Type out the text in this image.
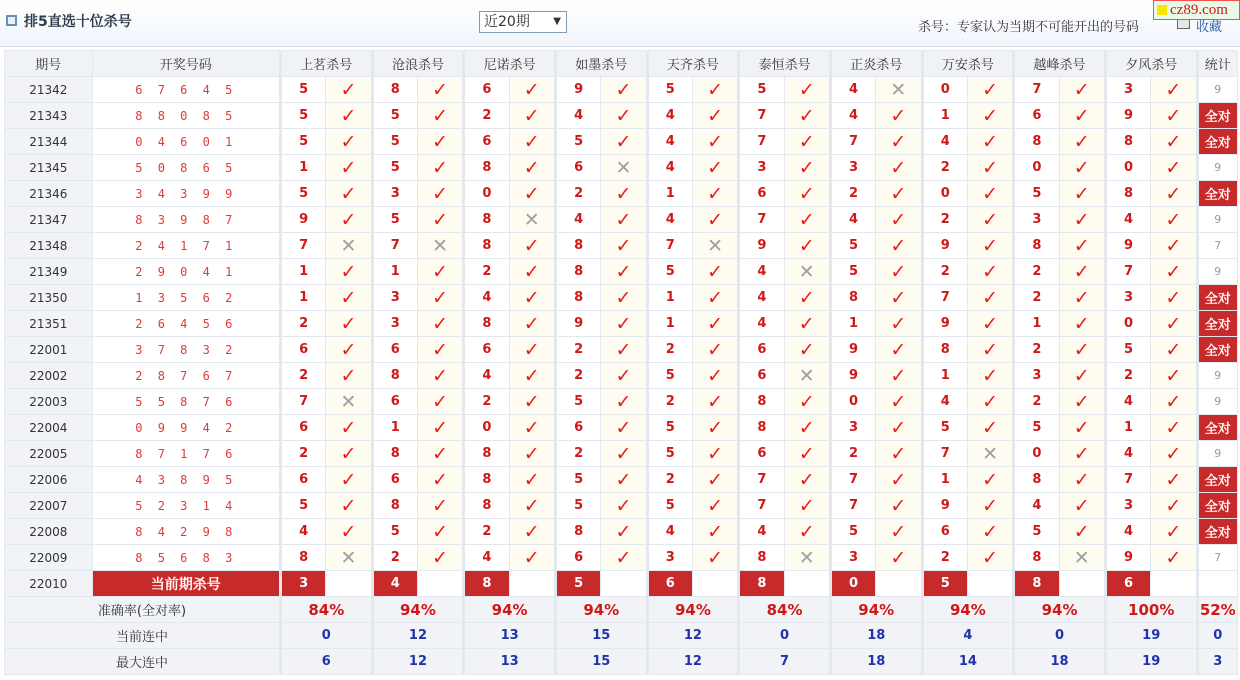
排5直选十位杀号	近20期 ▼	杀号：专家认为当期不可能开出的号码	收藏
cz89.com
期号	开奖号码	上茗杀号		沧浪杀号		尼诺杀号		如墨杀号		天齐杀号		泰恒杀号		正炎杀号		万安杀号		越峰杀号		夕风杀号		统计
21342	6 7 6 4 5	5	✓	8	✓	6	✓	9	✓	5	✓	5	✓	4	✕	0	✓	7	✓	3	✓	9
21343	8 8 0 8 5	5	✓	5	✓	2	✓	4	✓	4	✓	7	✓	4	✓	1	✓	6	✓	9	✓	全对
21344	0 4 6 0 1	5	✓	5	✓	6	✓	5	✓	4	✓	7	✓	7	✓	4	✓	8	✓	8	✓	全对
21345	5 0 8 6 5	1	✓	5	✓	8	✓	6	✕	4	✓	3	✓	3	✓	2	✓	0	✓	0	✓	9
21346	3 4 3 9 9	5	✓	3	✓	0	✓	2	✓	1	✓	6	✓	2	✓	0	✓	5	✓	8	✓	全对
21347	8 3 9 8 7	9	✓	5	✓	8	✕	4	✓	4	✓	7	✓	4	✓	2	✓	3	✓	4	✓	9
21348	2 4 1 7 1	7	✕	7	✕	8	✓	8	✓	7	✕	9	✓	5	✓	9	✓	8	✓	9	✓	7
21349	2 9 0 4 1	1	✓	1	✓	2	✓	8	✓	5	✓	4	✕	5	✓	2	✓	2	✓	7	✓	9
21350	1 3 5 6 2	1	✓	3	✓	4	✓	8	✓	1	✓	4	✓	8	✓	7	✓	2	✓	3	✓	全对
21351	2 6 4 5 6	2	✓	3	✓	8	✓	9	✓	1	✓	4	✓	1	✓	9	✓	1	✓	0	✓	全对
22001	3 7 8 3 2	6	✓	6	✓	6	✓	2	✓	2	✓	6	✓	9	✓	8	✓	2	✓	5	✓	全对
22002	2 8 7 6 7	2	✓	8	✓	4	✓	2	✓	5	✓	6	✕	9	✓	1	✓	3	✓	2	✓	9
22003	5 5 8 7 6	7	✕	6	✓	2	✓	5	✓	2	✓	8	✓	0	✓	4	✓	2	✓	4	✓	9
22004	0 9 9 4 2	6	✓	1	✓	0	✓	6	✓	5	✓	8	✓	3	✓	5	✓	5	✓	1	✓	全对
22005	8 7 1 7 6	2	✓	8	✓	8	✓	2	✓	5	✓	6	✓	2	✓	7	✕	0	✓	4	✓	9
22006	4 3 8 9 5	6	✓	6	✓	8	✓	5	✓	2	✓	7	✓	7	✓	1	✓	8	✓	7	✓	全对
22007	5 2 3 1 4	5	✓	8	✓	8	✓	5	✓	5	✓	7	✓	7	✓	9	✓	4	✓	3	✓	全对
22008	8 4 2 9 8	4	✓	5	✓	2	✓	8	✓	4	✓	4	✓	5	✓	6	✓	5	✓	4	✓	全对
22009	8 5 6 8 3	8	✕	2	✓	4	✓	6	✓	3	✓	8	✕	3	✓	2	✓	8	✕	9	✓	7
22010	当前期杀号	3		4		8		5		6		8		0		5		8		6		
准确率(全对率)		84%		94%		94%		94%		94%		84%		94%		94%		94%		100%		52%
当前连中		0		12		13		15		12		0		18		4		0		19		0
最大连中		6		12		13		15		12		7		18		14		18		19		3
